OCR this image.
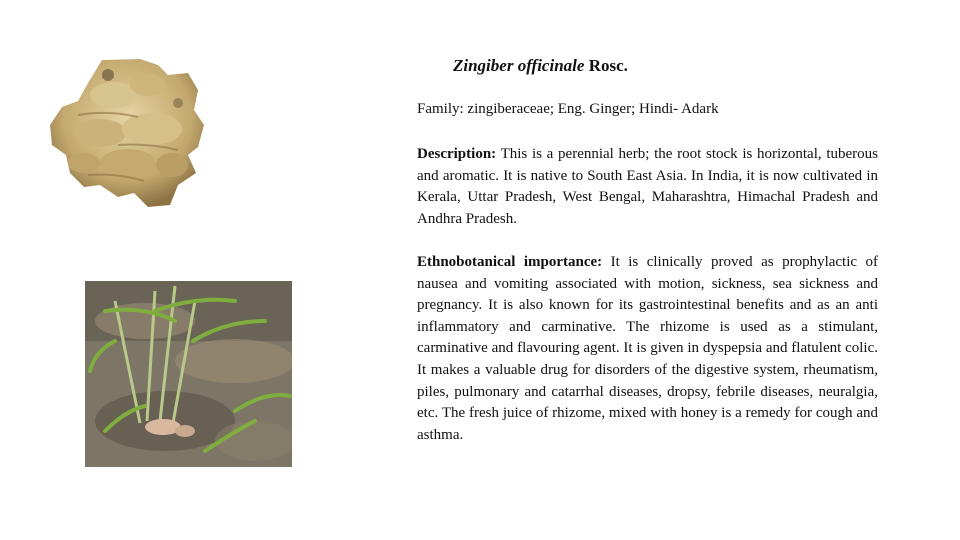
Zingiber officinale Rosc.
Family: zingiberaceae; Eng. Ginger; Hindi- Adark

Description: This is a perennial herb; the root stock is horizontal, tuberous and aromatic. It is native to South East Asia. In India, it is now cultivated in Kerala, Uttar Pradesh, West Bengal, Maharashtra, Himachal Pradesh and Andhra Pradesh.

Ethnobotanical importance: It is clinically proved as prophylactic of nausea and vomiting associated with motion, sickness, sea sickness and pregnancy. It is also known for its gastrointestinal benefits and as an anti inflammatory and carminative. The rhizome is used as a stimulant, carminative and flavouring agent. It is given in dyspepsia and flatulent colic. It makes a valuable drug for disorders of the digestive system, rheumatism, piles, pulmonary and catarrhal diseases, dropsy, febrile diseases, neuralgia, etc. The fresh juice of rhizome, mixed with honey is a remedy for cough and asthma.
